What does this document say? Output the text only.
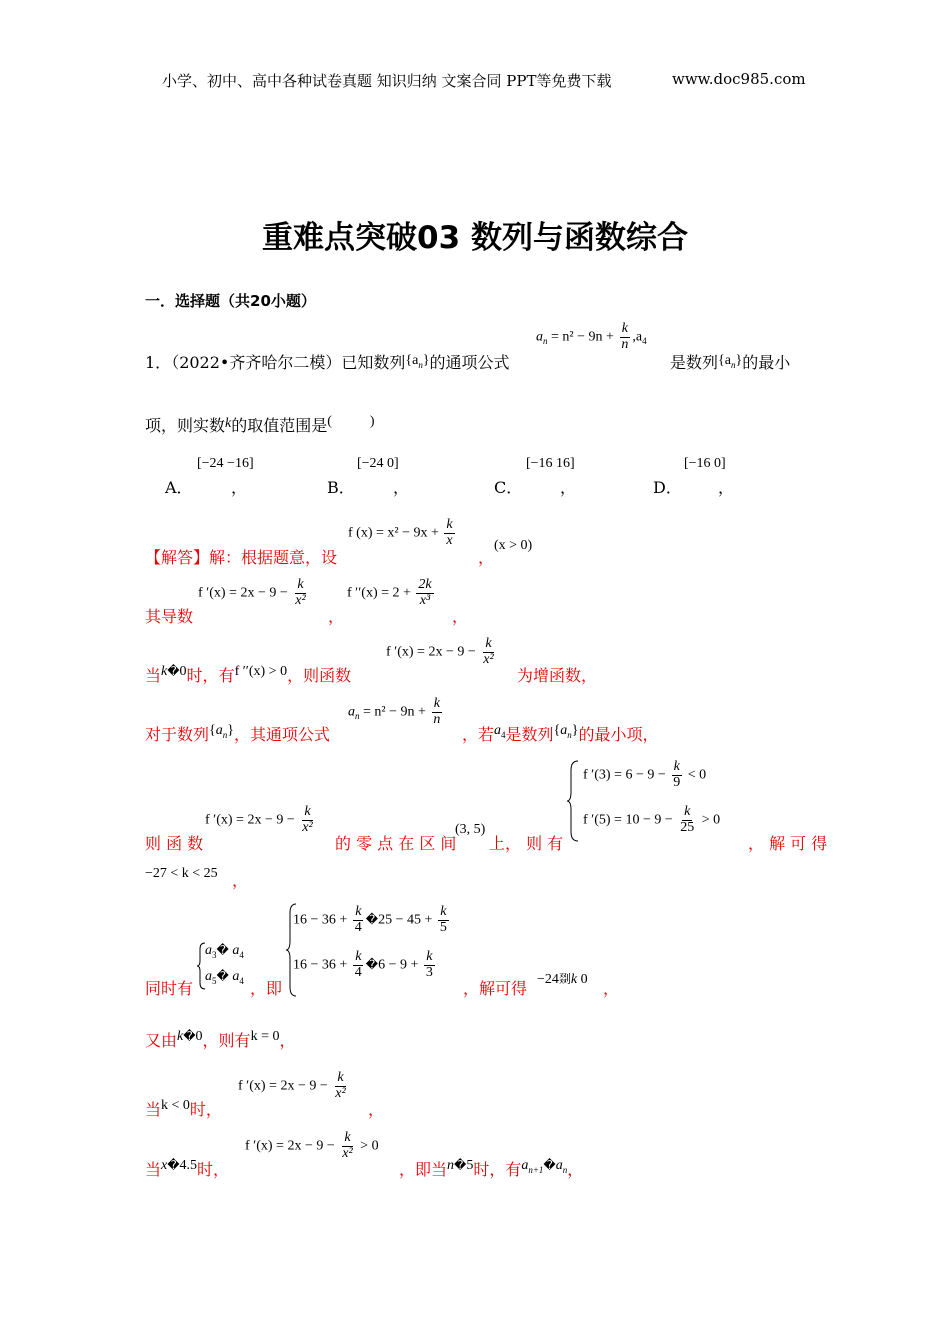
小学、初中、高中各种试卷真题 知识归纳 文案合同 PPT等免费下载	www.doc985.com
重难点突破03 数列与函数综合
一．选择题（共20小题）
1．（2022•齐齐哈尔二模）已知数列$\{a_n\}$的通项公式
$a_n = n^2 - 9n + \frac{k}{n} ,a_4$
是数列$\{a_n\}$的最小
项，则实数k的取值范围是(	)
[−24 −16]
A． ，
[−24 0]
B． ，
[−16 16]
C． ，
[−16 0]
D． ，
【解答】解：根据题意，设
f $(x) = x^2 - 9x + \frac{k}{x}$
，
(x > 0)
其导数
f $'(x) = 2x - 9 - \frac{k}{\text{x²}}$
，
f $''(x) = 2 + \frac{2k}{\text{x³}}$
，
当k�0时，有f ′′(x) > 0，则函数
f $'(x) = 2x - 9 - \frac{k}{\text{x²}}$
为增函数，
对于数列$\{a_n\}$，其通项公式
$a_n = n^2 - 9n + \frac{k}{n}$
，若$a_4$是数列$\{a_n\}$的最小项，
则 函 数
f $'(x) = 2x - 9 - \frac{k}{\text{x²}}$
的 零 点 在 区 间
(3, 5)
上， 则 有
f $'(3) = 6 - 9 - \frac{k}{9} < 0$
f $'(5) = 10 - 9 - \frac{k}{25} > 0$
， 解 可 得
−27 < k < 25 ，
同时有
$a_3�$ $a_4$
$a_5�$ $a_4$ ，即
$16 - 36 + \frac{k}{4}$ �25 − $45 + \frac{k}{5}$
$16 - 36 + \frac{k}{4}$ �6 − $9 + \frac{k}{3}$
，解可得 −24剟k 0 ，
又由k�0，则有k = 0，
当k < 0时，
f $'(x) = 2x - 9 - \frac{k}{\text{x²}}$
，
当x�4.5时，
f $'(x) = 2x - 9 - \frac{k}{\text{x²}} > 0$
，即当n�5时，有$a_{n+1}�a_n$，
